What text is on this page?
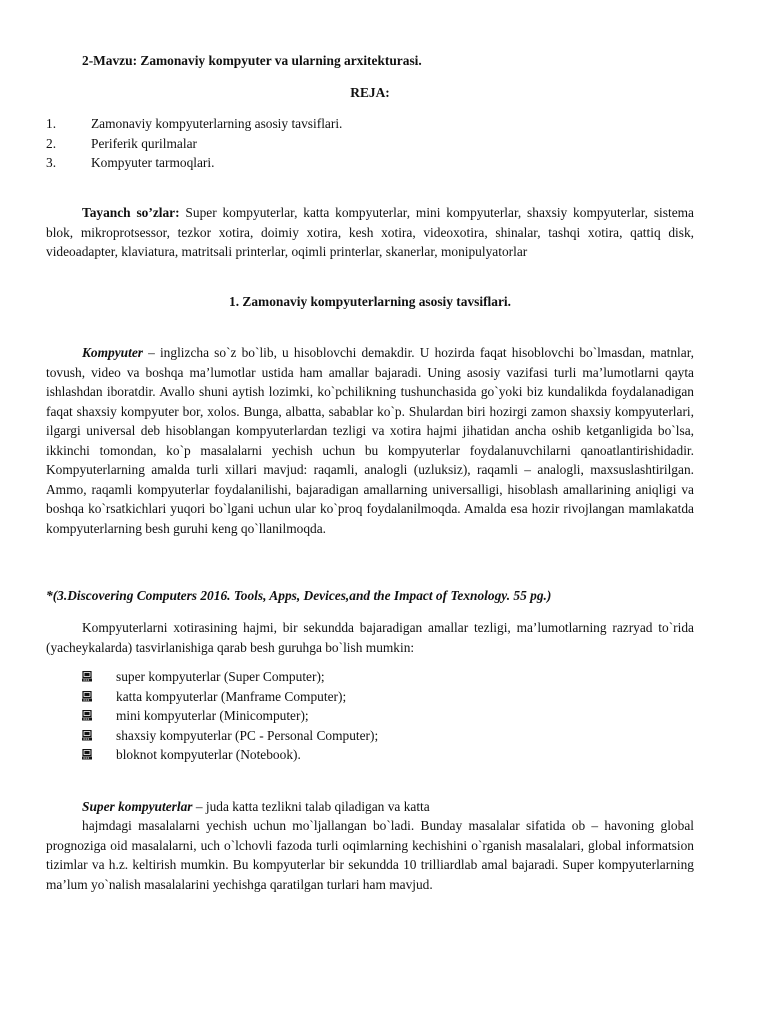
2-Mavzu: Zamonaviy kompyuter va ularning arxitekturasi.
REJA:
1.	Zamonaviy kompyuterlarning asosiy tavsiflari.
2.	Periferik qurilmalar
3.	Kompyuter tarmoqlari.

Tayanch so’zlar: Super kompyuterlar, katta kompyuterlar, mini kompyuterlar, shaxsiy kompyuterlar, sistema blok, mikroprotsessor, tezkor xotira, doimiy xotira, kesh xotira, videoxotira, shinalar, tashqi xotira, qattiq disk, videoadapter, klaviatura, matritsali printerlar, oqimli printerlar, skanerlar, monipulyatorlar

1. Zamonaviy kompyuterlarning asosiy tavsiflari.

Kompyuter – inglizcha so`z bo`lib, u hisoblovchi demakdir. U hozirda faqat hisoblovchi bo`lmasdan, matnlar, tovush, video va boshqa ma’lumotlar ustida ham amallar bajaradi. Uning asosiy vazifasi turli ma’lumotlarni qayta ishlashdan iboratdir. Avallo shuni aytish lozimki, ko`pchilikning tushunchasida go`yoki biz kundalikda foydalanadigan faqat shaxsiy kompyuter bor, xolos. Bunga, albatta, sabablar ko`p. Shulardan biri hozirgi zamon shaxsiy kompyuterlari, ilgargi universal deb hisoblangan kompyuterlardan tezligi va xotira hajmi jihatidan ancha oshib ketganligida bo`lsa, ikkinchi tomondan, ko`p masalalarni yechish uchun bu kompyuterlar foydalanuvchilarni qanoatlantirishidadir. Kompyuterlarning amalda turli xillari mavjud: raqamli, analogli (uzluksiz), raqamli – analogli, maxsuslashtirilgan. Ammo, raqamli kompyuterlar foydalanilishi, bajaradigan amallarning universalligi, hisoblash amallarining aniqligi va boshqa ko`rsatkichlari yuqori bo`lgani uchun ular ko`proq foydalanilmoqda. Amalda esa hozir rivojlangan mamlakatda kompyuterlarning besh guruhi keng qo`llanilmoqda.

*(3.Discovering Computers 2016. Tools, Apps, Devices,and the Impact of Texnology. 55 pg.)

Kompyuterlarni xotirasining hajmi, bir sekundda bajaradigan amallar tezligi, ma’lumotlarning razryad to`rida (yacheykalarda) tasvirlanishiga qarab besh guruhga bo`lish mumkin:

super kompyuterlar (Super Computer);
katta kompyuterlar (Manframe Computer);
mini kompyuterlar (Minicomputer);
shaxsiy kompyuterlar (PC - Personal Computer);
bloknot kompyuterlar (Notebook).
Super kompyuterlar – juda katta tezlikni talab qiladigan va katta

hajmdagi masalalarni yechish uchun mo`ljallangan bo`ladi. Bunday masalalar sifatida ob – havoning global prognoziga oid masalalarni, uch o`lchovli fazoda turli oqimlarning kechishini o`rganish masalalari, global informatsion tizimlar va h.z. keltirish mumkin. Bu kompyuterlar bir sekundda 10 trilliardlab amal bajaradi. Super kompyuterlarning ma’lum yo`nalish masalalarini yechishga qaratilgan turlari ham mavjud.
